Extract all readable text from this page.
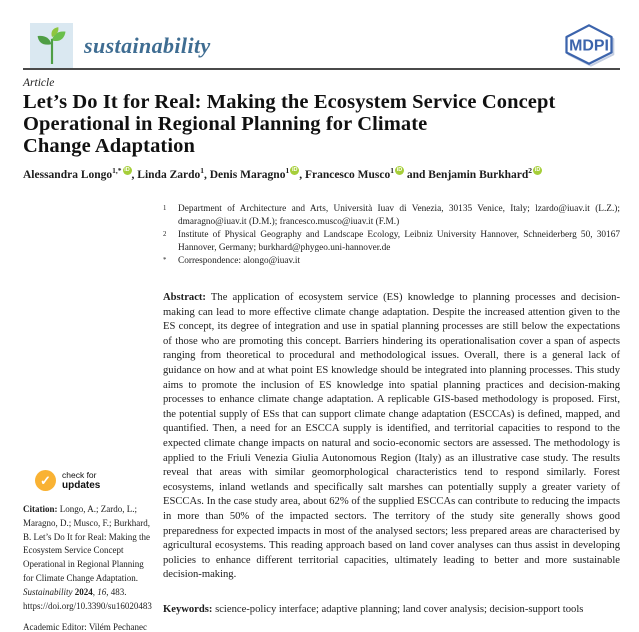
sustainability	MDPI
Article
Let’s Do It for Real: Making the Ecosystem Service Concept
Operational in Regional Planning for Climate
Change Adaptation
Alessandra Longo$^{1,*}$ iD , Linda Zardo$^1$, Denis Maragno$^1$ iD , Francesco Musco$^1$iD and Benjamin Burkhard$^2$iD
1	Department of Architecture and Arts, Università Iuav di Venezia, 30135 Venice, Italy; lzardo@iuav.it (L.Z.); dmaragno@iuav.it (D.M.); francesco.musco@iuav.it (F.M.)
2	Institute of Physical Geography and Landscape Ecology, Leibniz University Hannover, Schneiderberg 50, 30167 Hannover, Germany; burkhard@phygeo.uni-hannover.de
*	Correspondence: alongo@iuav.it
Abstract: The application of ecosystem service (ES) knowledge to planning processes and decision-making can lead to more effective climate change adaptation. Despite the increased attention given to the ES concept, its degree of integration and use in spatial planning processes are still below the expectations of those who are promoting this concept. Barriers hindering its operationalisation cover a span of aspects ranging from theoretical to procedural and methodological issues. Overall, there is a general lack of guidance on how and at what point ES knowledge should be integrated into planning processes. This study aims to promote the inclusion of ES knowledge into spatial planning practices and decision-making processes to enhance climate change adaptation. A replicable GIS-based methodology is proposed. First, the potential supply of ESs that can support climate change adaptation (ESCCAs) is defined, mapped, and quantified. Then, a need for an ESCCA supply is identified, and territorial capacities to respond to the expected climate change impacts on natural and socio-economic sectors are assessed. The methodology is applied to the Friuli Venezia Giulia Autonomous Region (Italy) as an illustrative case study. The results reveal that areas with similar geomorphological characteristics tend to respond similarly. Forest ecosystems, inland wetlands and specifically salt marshes can potentially supply a greater variety of ESCCAs. In the case study area, about 62% of the supplied ESCCAs can contribute to reducing the impacts in more than 50% of the impacted sectors. The territory of the study site generally shows good preparedness for expected impacts in most of the analysed sectors; less prepared areas are characterised by agricultural ecosystems. This reading approach based on land cover analyses can thus assist in developing policies to enhance different territorial capacities, ultimately leading to better and more sustainable decision-making.
Keywords: science-policy interface; adaptive planning; land cover analysis; decision-support tools
✓
check for
updates
Citation: Longo, A.; Zardo, L.; Maragno, D.; Musco, F.; Burkhard, B. Let’s Do It for Real: Making the Ecosystem Service Concept Operational in Regional Planning for Climate Change Adaptation. Sustainability 2024, 16, 483. https://doi.org/10.3390/su16020483
Academic Editor: Vilém Pechanec
